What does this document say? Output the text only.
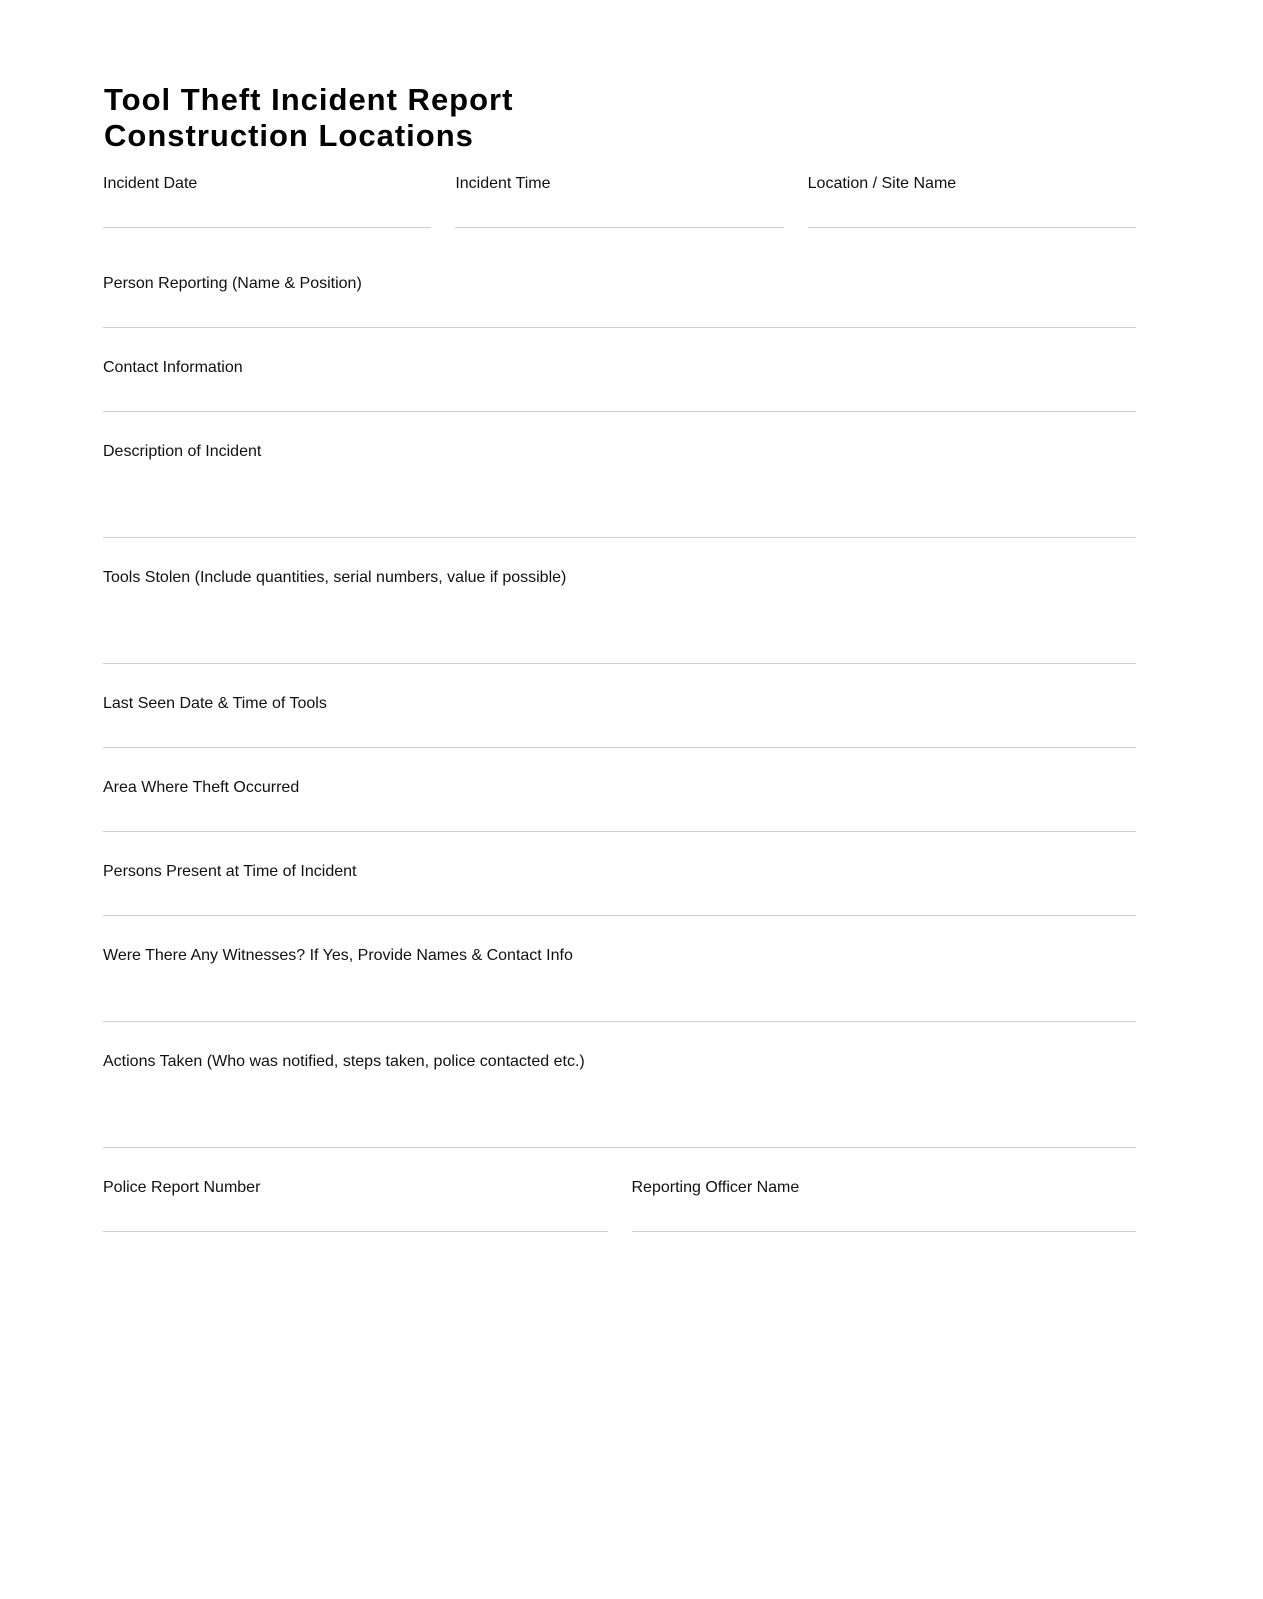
Tool Theft Incident Report
Construction Locations
Incident Date	Incident Time	Location / Site Name
Person Reporting (Name & Position)
Contact Information
Description of Incident
Tools Stolen (Include quantities, serial numbers, value if possible)
Last Seen Date & Time of Tools
Area Where Theft Occurred
Persons Present at Time of Incident
Were There Any Witnesses? If Yes, Provide Names & Contact Info
Actions Taken (Who was notified, steps taken, police contacted etc.)
Police Report Number	Reporting Officer Name
